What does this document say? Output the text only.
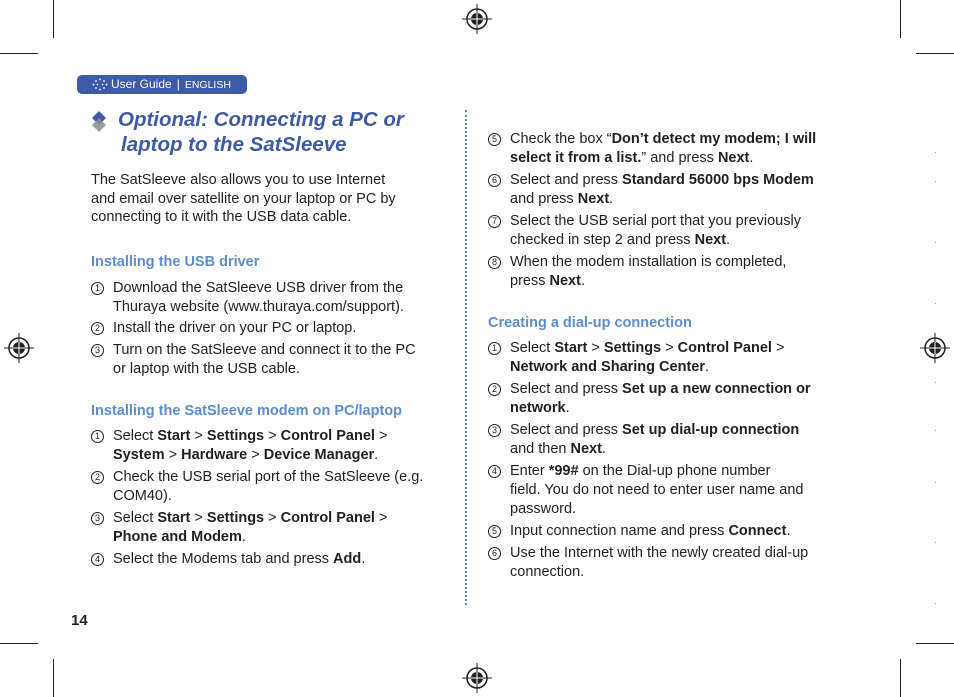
User Guide | ENGLISH
Optional: Connecting a PC or
laptop to the SatSleeve
The SatSleeve also allows you to use Internet
and email over satellite on your laptop or PC by
connecting to it with the USB data cable.
Installing the USB driver
1 Download the SatSleeve USB driver from the
Thuraya website (www.thuraya.com/support).
2 Install the driver on your PC or laptop.
3 Turn on the SatSleeve and connect it to the PC
or laptop with the USB cable.
Installing the SatSleeve modem on PC/laptop
1 Select Start > Settings > Control Panel >
System > Hardware > Device Manager.
2 Check the USB serial port of the SatSleeve (e.g.
COM40).
3 Select Start > Settings > Control Panel >
Phone and Modem.
4 Select the Modems tab and press Add.
5 Check the box “Don’t detect my modem; I will
select it from a list.” and press Next.
6 Select and press Standard 56000 bps Modem
and press Next.
7 Select the USB serial port that you previously
checked in step 2 and press Next.
8 When the modem installation is completed,
press Next.
Creating a dial-up connection
1 Select Start > Settings > Control Panel >
Network and Sharing Center.
2 Select and press Set up a new connection or
network.
3 Select and press Set up dial-up connection
and then Next.
4 Enter *99# on the Dial-up phone number
field. You do not need to enter user name and
password.
5 Input connection name and press Connect.
6 Use the Internet with the newly created dial-up
connection.
14
